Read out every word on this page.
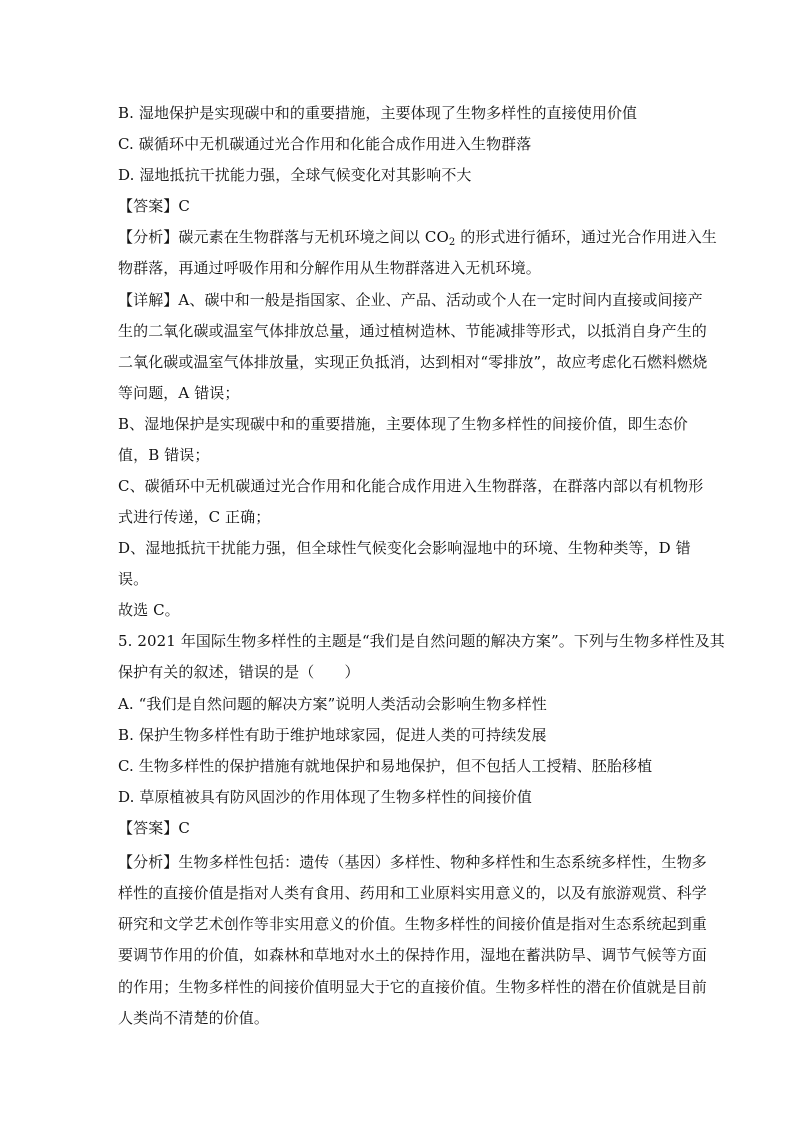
B. 湿地保护是实现碳中和的重要措施，主要体现了生物多样性的直接使用价值
C. 碳循环中无机碳通过光合作用和化能合成作用进入生物群落
D. 湿地抵抗干扰能力强，全球气候变化对其影响不大
【答案】C
【分析】碳元素在生物群落与无机环境之间以 $CO_2$ 的形式进行循环，通过光合作用进入生
物群落，再通过呼吸作用和分解作用从生物群落进入无机环境。
【详解】A、碳中和一般是指国家、企业、产品、活动或个人在一定时间内直接或间接产
生的二氧化碳或温室气体排放总量，通过植树造林、节能减排等形式，以抵消自身产生的
二氧化碳或温室气体排放量，实现正负抵消，达到相对“零排放”，故应考虑化石燃料燃烧
等问题，A 错误；
B、湿地保护是实现碳中和的重要措施，主要体现了生物多样性的间接价值，即生态价
值，B 错误；
C、碳循环中无机碳通过光合作用和化能合成作用进入生物群落，在群落内部以有机物形
式进行传递，C 正确；
D、湿地抵抗干扰能力强，但全球性气候变化会影响湿地中的环境、生物种类等，D 错
误。
故选 C。
5. 2021 年国际生物多样性的主题是“我们是自然问题的解决方案”。下列与生物多样性及其
保护有关的叙述，错误的是（　　）
A. “我们是自然问题的解决方案”说明人类活动会影响生物多样性
B. 保护生物多样性有助于维护地球家园，促进人类的可持续发展
C. 生物多样性的保护措施有就地保护和易地保护，但不包括人工授精、胚胎移植
D. 草原植被具有防风固沙的作用体现了生物多样性的间接价值
【答案】C
【分析】生物多样性包括：遗传（基因）多样性、物种多样性和生态系统多样性，生物多
样性的直接价值是指对人类有食用、药用和工业原料实用意义的，以及有旅游观赏、科学
研究和文学艺术创作等非实用意义的价值。生物多样性的间接价值是指对生态系统起到重
要调节作用的价值，如森林和草地对水土的保持作用，湿地在蓄洪防旱、调节气候等方面
的作用；生物多样性的间接价值明显大于它的直接价值。生物多样性的潜在价值就是目前
人类尚不清楚的价值。
